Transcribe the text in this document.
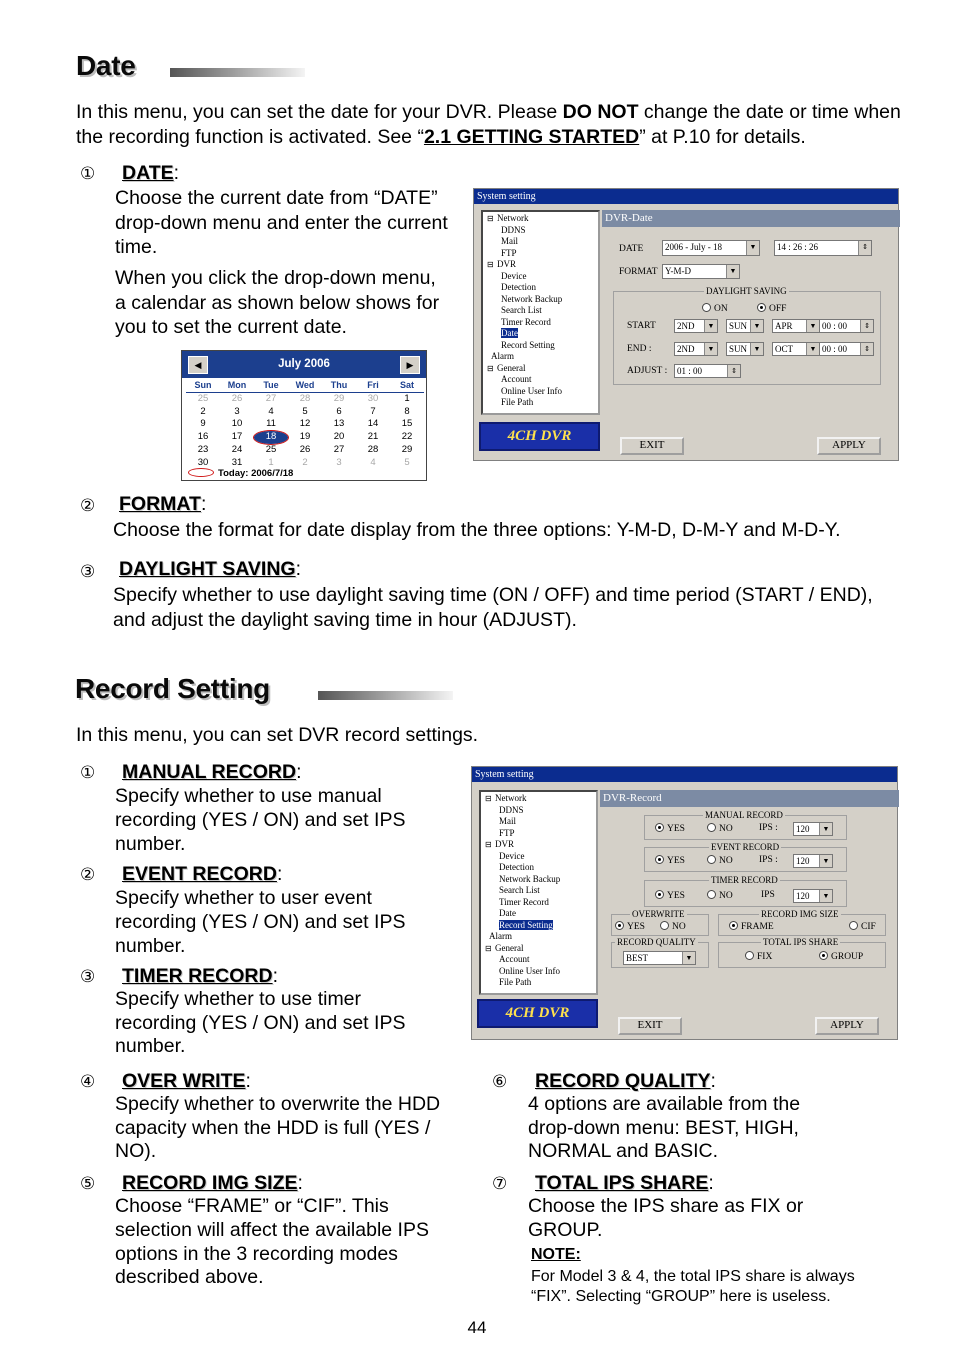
Date
In this menu, you can set the date for your DVR. Please DO NOT change the date or time when the recording function is activated. See “2.1 GETTING STARTED” at P.10 for details.
① DATE:
Choose the current date from “DATE” drop-down menu and enter the current time.
When you click the drop-down menu, a calendar as shown below shows for you to set the current date.
July 2006
◀	▶
Sun	Mon	Tue	Wed	Thu	Fri	Sat
25	26	27	28	29	30	1
2	3	4	5	6	7	8
9	10	11	12	13	14	15
16	17	18	19	20	21	22
23	24	25	26	27	28	29
30	31	1	2	3	4	5
Today: 2006/7/18
System setting
⊟ Network
DDNS
Mail
FTP
⊟ DVR
Device
Detection
Network Backup
Search List
Timer Record
Date
Record Setting
Alarm
⊟ General
Account
Online User Info
File Path
DVR-Date
DATE	2006 - July - 18	▼	14 : 26 : 26	⇕
FORMAT Y-M-D	▼
DAYLIGHT SAVING
ON	OFF
START	2ND	▼	SUN ▼	APR	▼ 00 : 00	⇕
END :	2ND	▼	SUN ▼	OCT	▼ 00 : 00	⇕
ADJUST :	01 : 00	⇕
4CH DVR
EXIT	APPLY
② FORMAT:
Choose the format for date display from the three options: Y-M-D, D-M-Y and M-D-Y.
③ DAYLIGHT SAVING:
Specify whether to use daylight saving time (ON / OFF) and time period (START / END), and adjust the daylight saving time in hour (ADJUST).
Record Setting
In this menu, you can set DVR record settings.
① MANUAL RECORD:
Specify whether to use manual recording (YES / ON) and set IPS number.
② EVENT RECORD:
Specify whether to user event recording (YES / ON) and set IPS number.
③ TIMER RECORD:
Specify whether to use timer recording (YES / ON) and set IPS number.
System setting
⊟ Network
DDNS
Mail
FTP
⊟ DVR
Device
Detection
Network Backup
Search List
Timer Record
Date
Record Setting
Alarm
⊟ General
Account
Online User Info
File Path
DVR-Record
MANUAL RECORD
YES	NO	IPS :	120	▼
EVENT RECORD
YES	NO	IPS :	120	▼
TIMER RECORD
YES	NO	IPS	120	▼
OVERWRITE
YES	NO
RECORD IMG SIZE
FRAME	CIF
RECORD QUALITY
BEST	▼
TOTAL IPS SHARE
FIX	GROUP
4CH DVR
EXIT	APPLY
④ OVER WRITE:
Specify whether to overwrite the HDD capacity when the HDD is full (YES / NO).
⑤ RECORD IMG SIZE:
Choose “FRAME” or “CIF”. This selection will affect the available IPS options in the 3 recording modes described above.
⑥ RECORD QUALITY:
4 options are available from the drop-down menu: BEST, HIGH, NORMAL and BASIC.
⑦ TOTAL IPS SHARE:
Choose the IPS share as FIX or GROUP.
NOTE:
For Model 3 & 4, the total IPS share is always “FIX”. Selecting “GROUP” here is useless.
44
